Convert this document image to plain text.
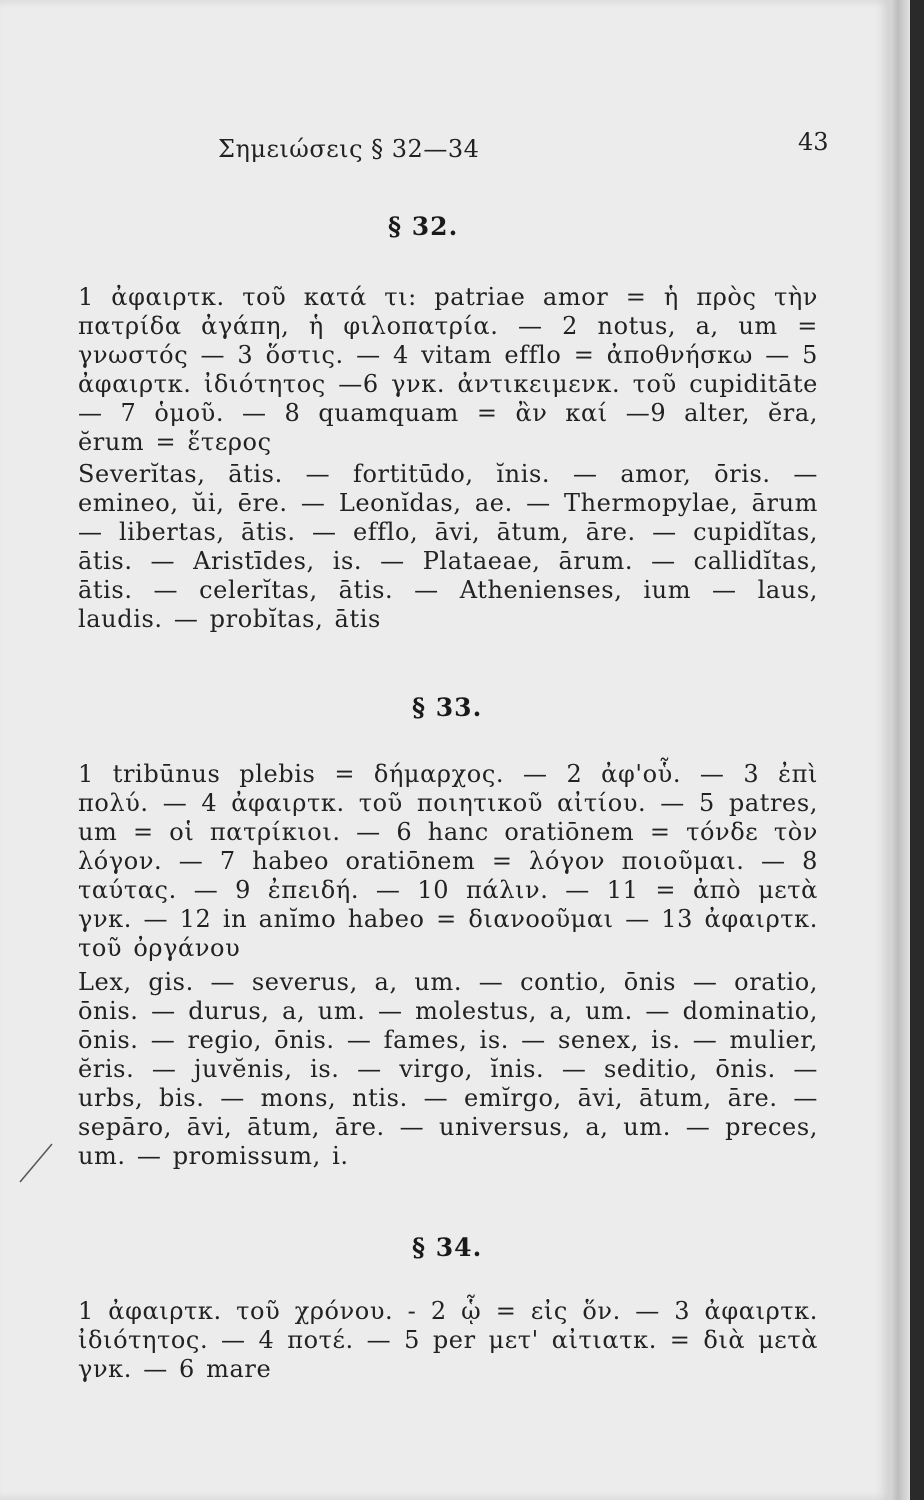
Σημειώσεις § 32—34	43
§ 32.
1 ἀφαιρτκ. τοῦ κατά τι: patriae amor = ἡ πρὸς τὴν πατρίδα ἀγάπη, ἡ φιλοπατρία. — 2 notus, a, um = γνωστός — 3 ὅστις. — 4 vitam efflo = ἀποθνήσκω — 5 ἀφαιρτκ. ἰδιότητος —6 γνκ. ἀντικειμενκ. τοῦ cupiditāte — 7 ὁμοῦ. — 8 quamquam = ἂν καί —9 alter, ĕra, ĕrum = ἕτερος
Severĭtas, ātis. — fortitūdo, ĭnis. — amor, ōris. — emineo, ŭi, ēre. — Leonĭdas, ae. — Thermopylae, ārum — libertas, ātis. — efflo, āvi, ātum, āre. — cupidĭtas, ātis. — Aristīdes, is. — Plataeae, ārum. — callidĭtas, ātis. — celerĭtas, ātis. — Athenienses, ium — laus, laudis. — probĭtas, ātis
§ 33.
1 tribūnus plebis = δήμαρχος. — 2 ἀφ'οὗ. — 3 ἐπὶ πολύ. — 4 ἀφαιρτκ. τοῦ ποιητικοῦ αἰτίου. — 5 patres, um = οἱ πατρίκιοι. — 6 hanc oratiōnem = τόνδε τὸν λόγον. — 7 habeo oratiōnem = λόγον ποιοῦμαι. — 8 ταύτας. — 9 ἐπειδή. — 10 πάλιν. — 11 = ἀπὸ μετὰ γνκ. — 12 in anĭmo habeo = διανοοῦμαι — 13 ἀφαιρτκ. τοῦ ὀργάνου
Lex, gis. — severus, a, um. — contio, ōnis — oratio, ōnis. — durus, a, um. — molestus, a, um. — dominatio, ōnis. — regio, ōnis. — fames, is. — senex, is. — mulier, ĕris. — juvĕnis, is. — virgo, ĭnis. — seditio, ōnis. — urbs, bis. — mons, ntis. — emĭrgo, āvi, ātum, āre. — sepāro, āvi, ātum, āre. — universus, a, um. — preces, um. — promissum, i.
§ 34.
1 ἀφαιρτκ. τοῦ χρόνου. - 2 ᾧ = εἰς ὅν. — 3 ἀφαιρτκ. ἰδιότητος. — 4 ποτέ. — 5 per μετ' αἰτιατκ. = διὰ μετὰ γνκ. — 6 mare
